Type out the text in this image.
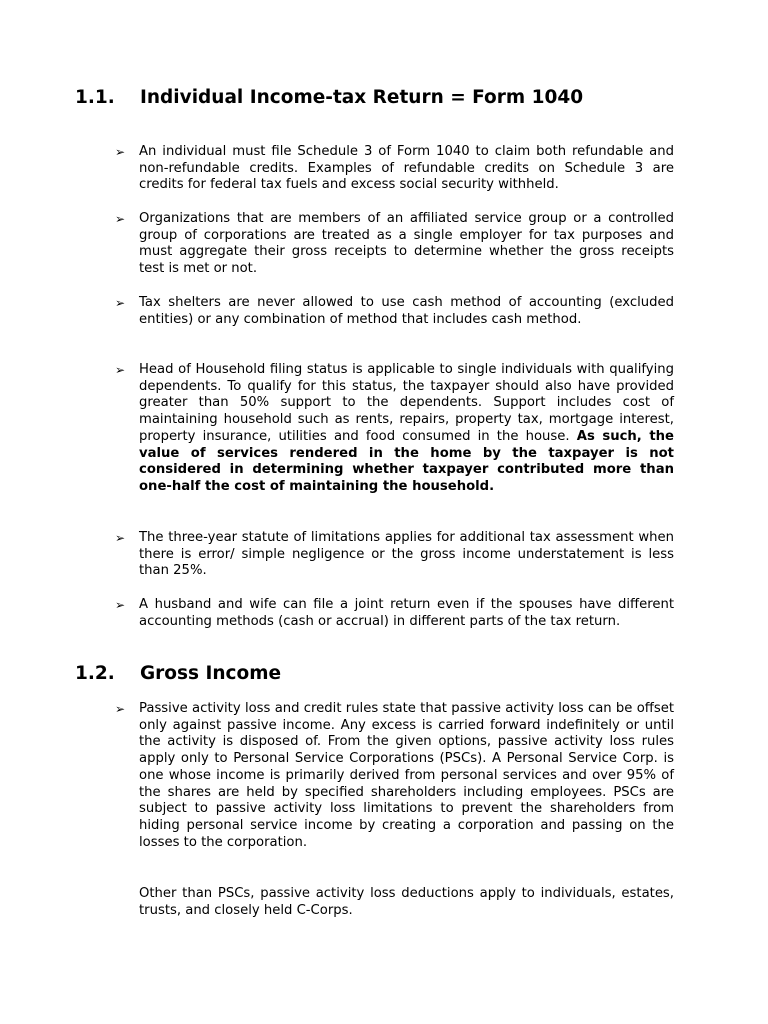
1.1. Individual Income-tax Return = Form 1040
➢	An individual must file Schedule 3 of Form 1040 to claim both refundable and non-refundable credits. Examples of refundable credits on Schedule 3 are credits for federal tax fuels and excess social security withheld.
➢	Organizations that are members of an affiliated service group or a controlled group of corporations are treated as a single employer for tax purposes and must aggregate their gross receipts to determine whether the gross receipts test is met or not.
➢	Tax shelters are never allowed to use cash method of accounting (excluded entities) or any combination of method that includes cash method.
➢	Head of Household filing status is applicable to single individuals with qualifying dependents. To qualify for this status, the taxpayer should also have provided greater than 50% support to the dependents. Support includes cost of maintaining household such as rents, repairs, property tax, mortgage interest, property insurance, utilities and food consumed in the house. As such, the value of services rendered in the home by the taxpayer is not considered in determining whether taxpayer contributed more than one-half the cost of maintaining the household.
➢	The three-year statute of limitations applies for additional tax assessment when there is error/ simple negligence or the gross income understatement is less than 25%.
➢	A husband and wife can file a joint return even if the spouses have different accounting methods (cash or accrual) in different parts of the tax return.
1.2. Gross Income
➢	Passive activity loss and credit rules state that passive activity loss can be offset only against passive income. Any excess is carried forward indefinitely or until the activity is disposed of. From the given options, passive activity loss rules apply only to Personal Service Corporations (PSCs). A Personal Service Corp. is one whose income is primarily derived from personal services and over 95% of the shares are held by specified shareholders including employees. PSCs are subject to passive activity loss limitations to prevent the shareholders from hiding personal service income by creating a corporation and passing on the losses to the corporation.
Other than PSCs, passive activity loss deductions apply to individuals, estates, trusts, and closely held C-Corps.
